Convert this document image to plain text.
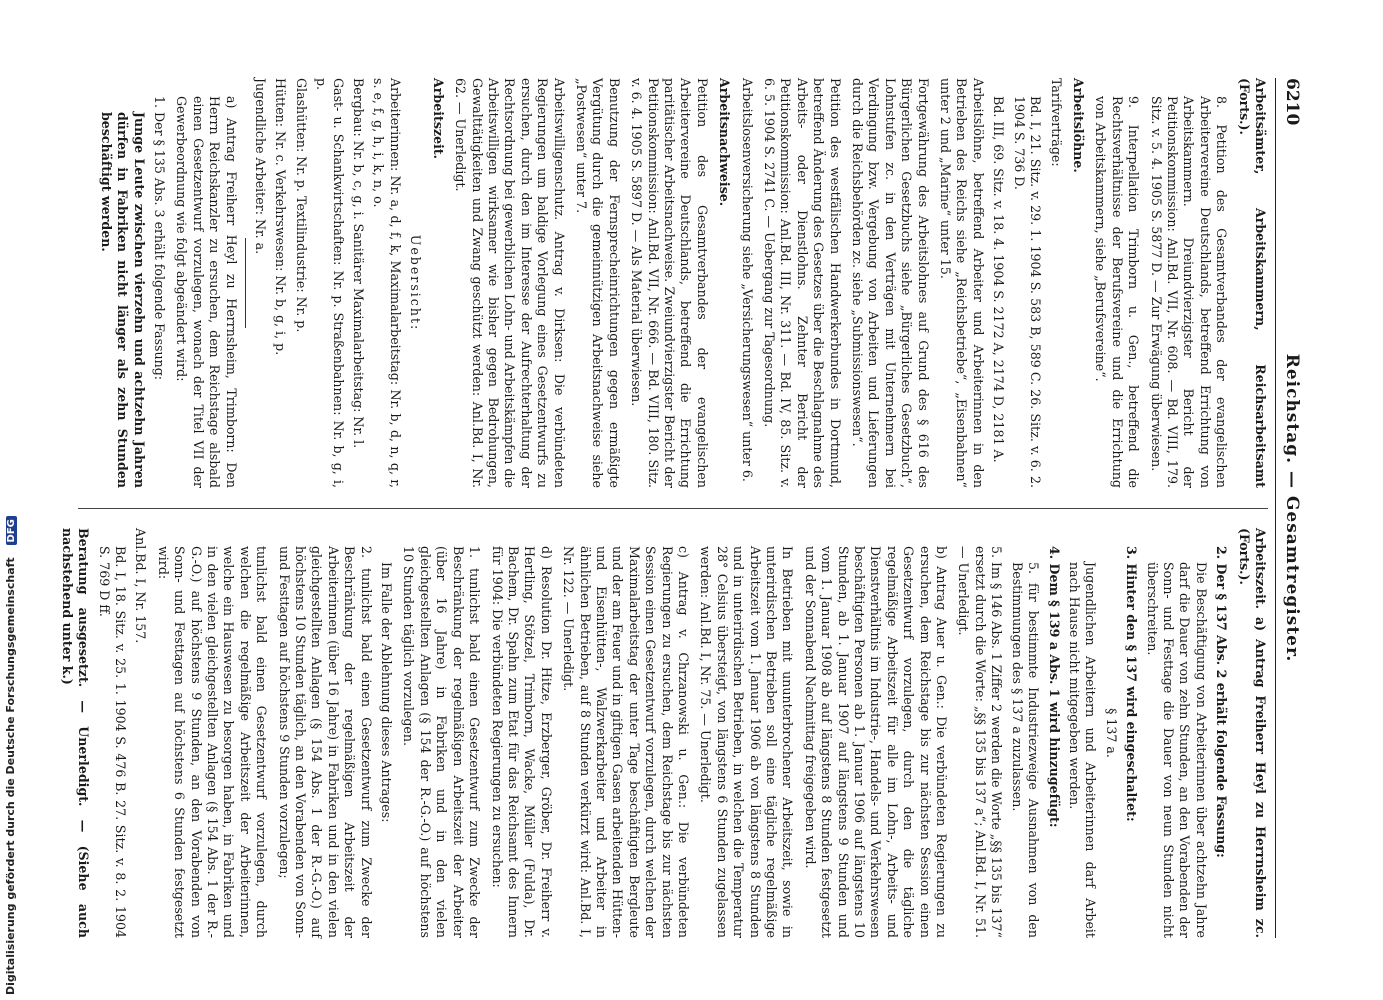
6210
Reichstag. — Gesamtregister.
Arbeitsämter, Arbeitskammern, Reichsarbeitsamt (Forts.).
8. Petition des Gesamtverbandes der evangelischen Arbeitervereine Deutschlands, betreffend Errichtung von Arbeitskammern. Dreiundvierzigster Bericht der Petitionskommission: Anl.Bd. VII, Nr. 608. — Bd. VIII, 179. Sitz. v. 5. 4. 1905 S. 5877 D. — Zur Erwägung überwiesen.
9. Interpellation Trimborn u. Gen., betreffend die Rechtsverhältnisse der Berufsvereine und die Errichtung von Arbeitskammern, siehe „Berufsvereine“.
Arbeitslöhne.
Tarifverträge:
Bd. I, 21. Sitz. v. 29. 1. 1904 S. 583 B, 589 C. 26. Sitz. v. 6. 2. 1904 S. 736 D.
Bd. III, 69. Sitz. v. 18. 4. 1904 S. 2172 A, 2174 D, 2181 A.
Arbeitslöhne, betreffend Arbeiter und Arbeiterinnen in den Betrieben des Reichs siehe „Reichsbetriebe“, „Eisenbahnen“ unter 2 und „Marine“ unter 15.
Fortgewährung des Arbeitslohnes auf Grund des § 616 des Bürgerlichen Gesetzbuchs siehe „Bürgerliches Gesetzbuch“, Lohnstufen zc. in den Verträgen mit Unternehmern bei Verdingung bzw. Vergebung von Arbeiten und Lieferungen durch die Reichsbehörden zc. siehe „Submissionswesen“.
Petition des westfälischen Handwerkerbundes in Dortmund, betreffend Änderung des Gesetzes über die Beschlagnahme des Arbeits- oder Dienstlohns. Zehnter Bericht der Petitionskommission: Anl.Bd. III, Nr. 311. — Bd. IV, 85. Sitz. v. 6. 5. 1904 S. 2741 C. — Uebergang zur Tagesordnung.
Arbeitslosenversicherung siehe „Versicherungswesen“ unter 6.
Arbeitsnachweise.
Petition des Gesamtverbandes der evangelischen Arbeitervereine Deutschlands, betreffend die Errichtung paritätischer Arbeitsnachweise. Zweiundvierzigster Bericht der Petitionskommission: Anl.Bd. VII, Nr. 666. — Bd. VIII, 180. Sitz. v. 6. 4. 1905 S. 5897 D. — Als Material überwiesen.
Benutzung der Fernsprecheinrichtungen gegen ermäßigte Vergütung durch die gemeinnützigen Arbeitsnachweise siehe „Postwesen“ unter 7.
Arbeitswilligenschutz. Antrag v. Dirksen: Die verbündeten Regierungen um baldige Vorlegung eines Gesetzentwurfs zu ersuchen, durch den im Interesse der Aufrechterhaltung der Rechtsordnung bei gewerblichen Lohn- und Arbeitskämpfen die Arbeitswilligen wirksamer wie bisher gegen Bedrohungen, Gewalttätigkeiten und Zwang geschützt werden: Anl.Bd. I, Nr. 62. — Unerledigt.
Arbeitszeit.
Uebersicht:
Arbeiterinnen: Nr. a, d, f, k, Maximalarbeitstag: Nr. b, d, n, q, r, s. e, f, g, h, i, k, n, o.
Bergbau: Nr. b, c, g, i. Sanitärer Maximalarbeitstag: Nr. l.
Gast- u. Schankwirtschaften: Nr. p. Straßenbahnen: Nr. b, g, i, p.
Glashütten: Nr. p. Textilindustrie: Nr. p.
Hütten: Nr. c. Verkehrswesen: Nr. b, g, i, p.
Jugendliche Arbeiter: Nr. a.
a) Antrag Freiherr Heyl zu Herrnsheim, Trimborn: Den Herrn Reichskanzler zu ersuchen, dem Reichstage alsbald einen Gesetzentwurf vorzulegen, wonach der Titel VII der Gewerbeordnung wie folgt abgeändert wird:
1. Der § 135 Abs. 3 erhält folgende Fassung:
Junge Leute zwischen vierzehn und achtzehn Jahren dürfen in Fabriken nicht länger als zehn Stunden beschäftigt werden.
Arbeitszeit. a) Antrag Freiherr Heyl zu Herrnsheim zc. (Forts.).
2. Der § 137 Abs. 2 erhält folgende Fassung:
Die Beschäftigung von Arbeiterinnen über achtzehn Jahre darf die Dauer von zehn Stunden, an den Vorabenden der Sonn- und Festtage die Dauer von neun Stunden nicht überschreiten.
3. Hinter den § 137 wird eingeschaltet:
§ 137 a.
Jugendlichen Arbeitern und Arbeiterinnen darf Arbeit nach Hause nicht mitgegeben werden.
4. Dem § 139 a Abs. 1 wird hinzugefügt:
5. für bestimmte Industriezweige Ausnahmen von den Bestimmungen des § 137 a zuzulassen.
5. Im § 146 Abs. 1 Ziffer 2 werden die Worte „§§ 135 bis 137“ ersetzt durch die Worte: „§§ 135 bis 137 a“; Anl.Bd. I, Nr. 51. — Unerledigt.
b) Antrag Auer u. Gen.: Die verbündeten Regierungen zu ersuchen, dem Reichstage bis zur nächsten Session einen Gesetzentwurf vorzulegen, durch den die tägliche regelmäßige Arbeitszeit für alle im Lohn-, Arbeits- und Dienstverhältnis im Industrie-, Handels- und Verkehrswesen beschäftigten Personen ab 1. Januar 1906 auf längstens 10 Stunden, ab 1. Januar 1907 auf längstens 9 Stunden und vom 1. Januar 1908 ab auf längstens 8 Stunden festgesetzt und der Sonnabend Nachmittag freigegeben wird.
In Betrieben mit ununterbrochener Arbeitszeit, sowie in unterirdischen Betrieben soll eine tägliche regelmäßige Arbeitszeit vom 1. Januar 1906 ab von längstens 8 Stunden und in unterirdischen Betrieben, in welchen die Temperatur 28° Celsius übersteigt, von längstens 6 Stunden zugelassen werden: Anl.Bd. I, Nr. 75. — Unerledigt.
c) Antrag v. Chrzanowski u. Gen.: Die verbündeten Regierungen zu ersuchen, dem Reichstage bis zur nächsten Session einen Gesetzentwurf vorzulegen, durch welchen der Maximalarbeitstag der unter Tage beschäftigten Bergleute und der am Feuer und in giftigen Gasen arbeitenden Hütten- und Eisenhütten-, Walzwerkarbeiter und Arbeiter in ähnlichen Betrieben, auf 8 Stunden verkürzt wird: Anl.Bd. I, Nr. 122. — Unerledigt.
d) Resolution Dr. Hitze, Erzberger, Gröber, Dr. Freiherr v. Hertling, Stötzel, Trimborn, Wacke, Müller (Fulda), Dr. Bachem, Dr. Spahn zum Etat für das Reichsamt des Innern für 1904: Die verbündeten Regierungen zu ersuchen:
1. tunlichst bald einen Gesetzentwurf zum Zwecke der Beschränkung der regelmäßigen Arbeitszeit der Arbeiter (über 16 Jahre) in Fabriken und in den vielen gleichgestellten Anlagen (§ 154 der R.-G.-O.) auf höchstens 10 Stunden täglich vorzulegen.
Im Falle der Ablehnung dieses Antrages:
2. tunlichst bald einen Gesetzentwurf zum Zwecke der Beschränkung der regelmäßigen Arbeitszeit der Arbeiterinnen (über 16 Jahre) in Fabriken und in den vielen gleichgestellten Anlagen (§ 154 Abs. 1 der R.-G.-O.) auf höchstens 10 Stunden täglich, an den Vorabenden von Sonn- und Festtagen auf höchstens 9 Stunden vorzulegen;
tunlichst bald einen Gesetzentwurf vorzulegen, durch welchen die regelmäßige Arbeitszeit der Arbeiterinnen, welche ein Hauswesen zu besorgen haben, in Fabriken und in den vielen gleichgestellten Anlagen (§ 154 Abs. 1 der R.-G.-O.) auf höchstens 9 Stunden, an den Vorabenden von Sonn- und Festtagen auf höchstens 6 Stunden festgesetzt wird:
Anl.Bd. I, Nr. 157.
Bd. I, 18. Sitz. v. 25. 1. 1904 S. 476 B. 27. Sitz. v. 8. 2. 1904 S. 769 D ff.
Beratung ausgesetzt. — Unerledigt. — (Siehe auch nachstehend unter k.)
Digitalisierung gefördert durch die Deutsche Forschungsgemeinschaft DFG
